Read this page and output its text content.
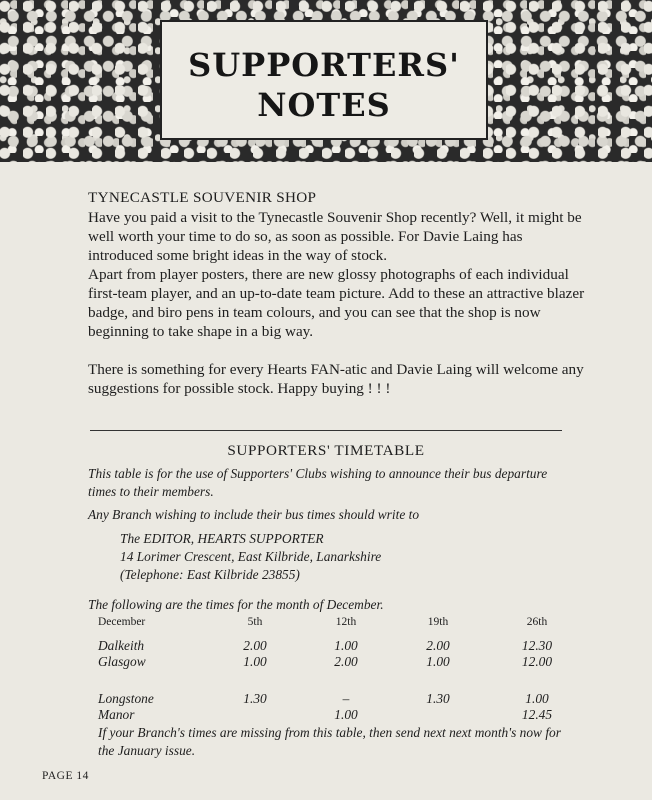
SUPPORTERS'
NOTES

TYNECASTLE SOUVENIR SHOP

Have you paid a visit to the Tynecastle Souvenir Shop recently? Well, it might be well worth your time to do so, as soon as possible. For Davie Laing has introduced some bright ideas in the way of stock.

Apart from player posters, there are new glossy photographs of each individual first-team player, and an up-to-date team picture. Add to these an attractive blazer badge, and biro pens in team colours, and you can see that the shop is now beginning to take shape in a big way.

There is something for every Hearts FAN-atic and Davie Laing will welcome any suggestions for possible stock. Happy buying ! ! !

SUPPORTERS' TIMETABLE

This table is for the use of Supporters' Clubs wishing to announce their bus departure times to their members.

Any Branch wishing to include their bus times should write to

The EDITOR, HEARTS SUPPORTER

14 Lorimer Crescent, East Kilbride, Lanarkshire

(Telephone: East Kilbride 23855)

The following are the times for the month of December.

December	5th	12th	19th	26th
Dalkeith	2.00	1.00	2.00	12.30
Glasgow	1.00	2.00	1.00	12.00

Longstone	1.30	–	1.30	1.00
Manor		1.00		12.45

If your Branch's times are missing from this table, then send next next month's now for the January issue.

PAGE 14
